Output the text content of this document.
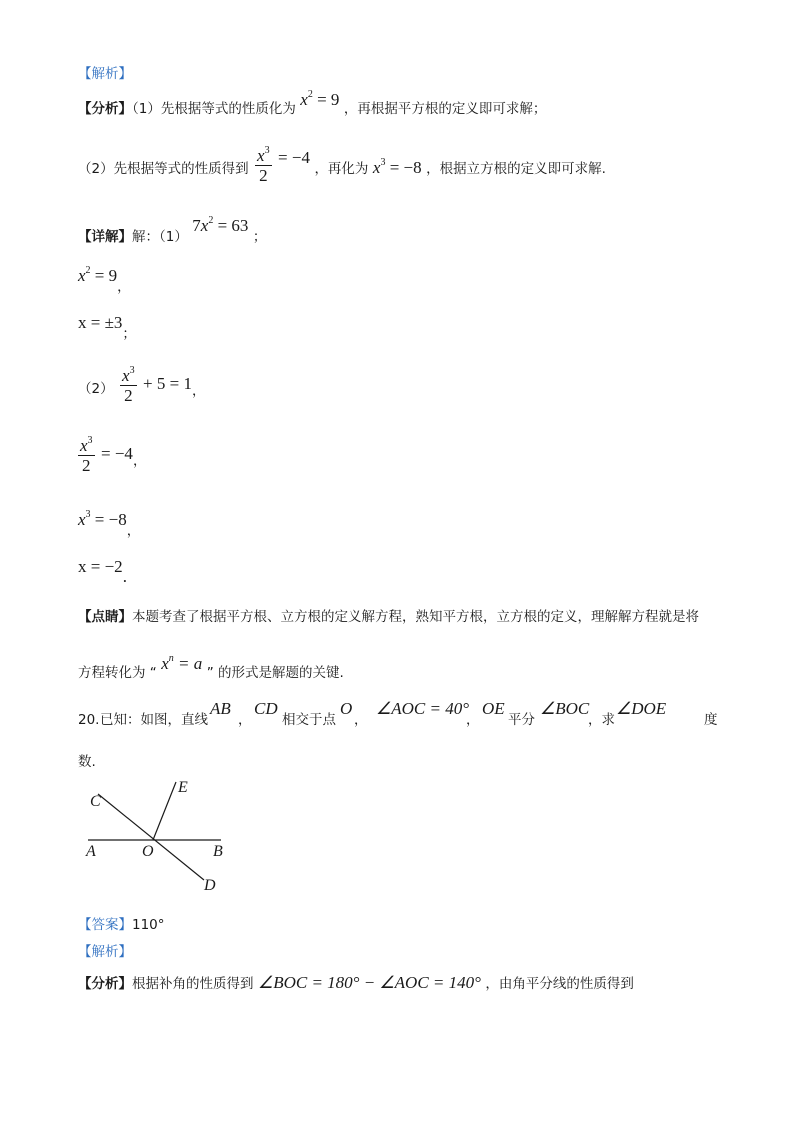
【解析】
【分析】（1）先根据等式的性质化为 $x^2 = 9$ ，再根据平方根的定义即可求解；
（2）先根据等式的性质得到 $\frac{x^3}{2} = -4$ ，再化为 $x^3 = -8$ ，根据立方根的定义即可求解.
【详解】解：（1） $7x^2 = 63$ ；
$x^2 = 9$，
x = ±3；
$(2) \frac{x^3}{2} + 5 = 1$，
$\frac{x^3}{2} = -4$，
$x^3 = -8$，
x = −2.
【点睛】本题考查了根据平方根、立方根的定义解方程，熟知平方根，立方根的定义，理解解方程就是将
方程转化为 “ $x^n = a$ ” 的形式是解题的关键.
20. 已知：如图，直线
AB
，
CD
相交于点
O
，
∠AOC = 40°
，
OE
平分
∠BOC
，求
∠DOE
度
数.
C
E
A	O	B
D
【答案】110°
【解析】
【分析】根据补角的性质得到 ∠BOC = 180° − ∠AOC = 140° ，由角平分线的性质得到
